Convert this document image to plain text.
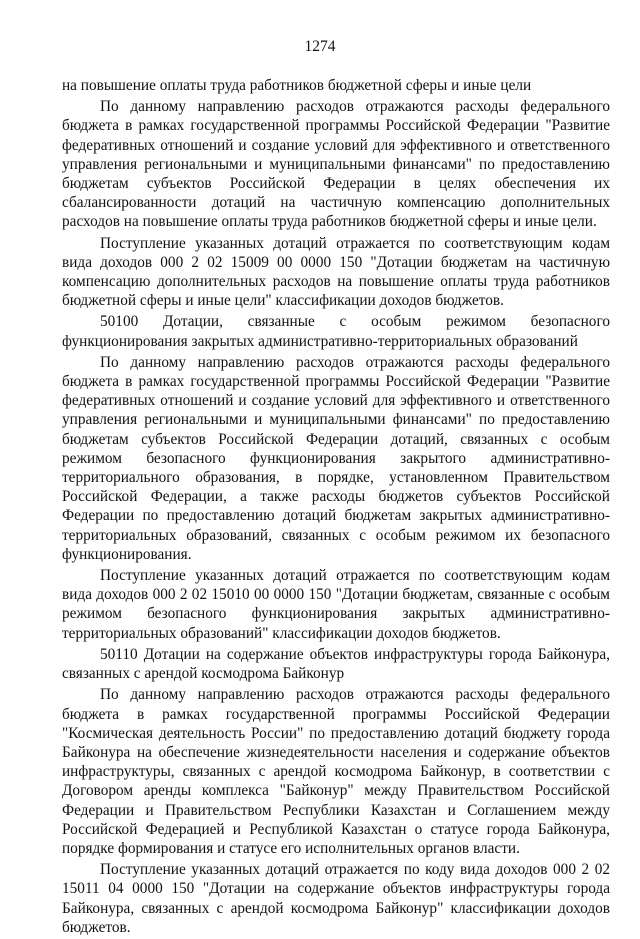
1274

на повышение оплаты труда работников бюджетной сферы и иные цели

По данному направлению расходов отражаются расходы федерального бюджета в рамках государственной программы Российской Федерации "Развитие федеративных отношений и создание условий для эффективного и ответственного управления региональными и муниципальными финансами" по предоставлению бюджетам субъектов Российской Федерации в целях обеспечения их сбалансированности дотаций на частичную компенсацию дополнительных расходов на повышение оплаты труда работников бюджетной сферы и иные цели.

Поступление указанных дотаций отражается по соответствующим кодам вида доходов 000 2 02 15009 00 0000 150 "Дотации бюджетам на частичную компенсацию дополнительных расходов на повышение оплаты труда работников бюджетной сферы и иные цели" классификации доходов бюджетов.

50100 Дотации, связанные с особым режимом безопасного функционирования закрытых административно-территориальных образований

По данному направлению расходов отражаются расходы федерального бюджета в рамках государственной программы Российской Федерации "Развитие федеративных отношений и создание условий для эффективного и ответственного управления региональными и муниципальными финансами" по предоставлению бюджетам субъектов Российской Федерации дотаций, связанных с особым режимом безопасного функционирования закрытого административно-территориального образования, в порядке, установленном Правительством Российской Федерации, а также расходы бюджетов субъектов Российской Федерации по предоставлению дотаций бюджетам закрытых административно-территориальных образований, связанных с особым режимом их безопасного функционирования.

Поступление указанных дотаций отражается по соответствующим кодам вида доходов 000 2 02 15010 00 0000 150 "Дотации бюджетам, связанные с особым режимом безопасного функционирования закрытых административно-территориальных образований" классификации доходов бюджетов.

50110 Дотации на содержание объектов инфраструктуры города Байконура, связанных с арендой космодрома Байконур

По данному направлению расходов отражаются расходы федерального бюджета в рамках государственной программы Российской Федерации "Космическая деятельность России" по предоставлению дотаций бюджету города Байконура на обеспечение жизнедеятельности населения и содержание объектов инфраструктуры, связанных с арендой космодрома Байконур, в соответствии с Договором аренды комплекса "Байконур" между Правительством Российской Федерации и Правительством Республики Казахстан и Соглашением между Российской Федерацией и Республикой Казахстан о статусе города Байконура, порядке формирования и статусе его исполнительных органов власти.

Поступление указанных дотаций отражается по коду вида доходов 000 2 02 15011 04 0000 150 "Дотации на содержание объектов инфраструктуры города Байконура, связанных с арендой космодрома Байконур" классификации доходов бюджетов.
